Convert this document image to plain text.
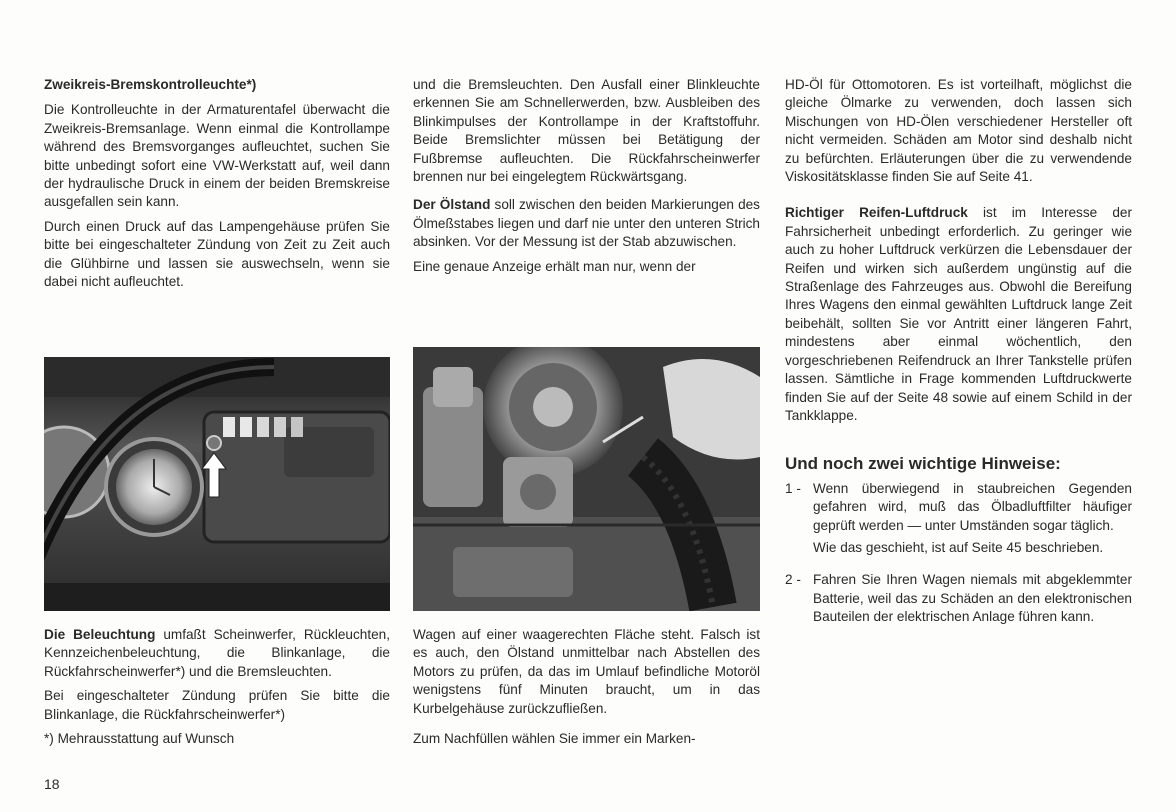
Zweikreis-Bremskontrolleuchte*)

Die Kontrolleuchte in der Armaturentafel überwacht die Zweikreis-Bremsanlage. Wenn einmal die Kontrollampe während des Bremsvorganges aufleuchtet, suchen Sie bitte unbedingt sofort eine VW-Werkstatt auf, weil dann der hydraulische Druck in einem der beiden Bremskreise ausgefallen sein kann.

Durch einen Druck auf das Lampengehäuse prüfen Sie bitte bei eingeschalteter Zündung von Zeit zu Zeit auch die Glühbirne und lassen sie auswechseln, wenn sie dabei nicht aufleuchtet.

Die Beleuchtung umfaßt Scheinwerfer, Rückleuchten, Kennzeichenbeleuchtung, die Blinkanlage, die Rückfahrscheinwerfer*) und die Bremsleuchten.

Bei eingeschalteter Zündung prüfen Sie bitte die Blinkanlage, die Rückfahrscheinwerfer*)

*) Mehrausstattung auf Wunsch

und die Bremsleuchten. Den Ausfall einer Blinkleuchte erkennen Sie am Schnellerwerden, bzw. Ausbleiben des Blinkimpulses der Kontrollampe in der Kraftstoffuhr. Beide Bremslichter müssen bei Betätigung der Fußbremse aufleuchten. Die Rückfahrscheinwerfer brennen nur bei eingelegtem Rückwärtsgang.

Der Ölstand soll zwischen den beiden Markierungen des Ölmeßstabes liegen und darf nie unter den unteren Strich absinken. Vor der Messung ist der Stab abzuwischen.

Eine genaue Anzeige erhält man nur, wenn der

Wagen auf einer waagerechten Fläche steht. Falsch ist es auch, den Ölstand unmittelbar nach Abstellen des Motors zu prüfen, da das im Umlauf befindliche Motoröl wenigstens fünf Minuten braucht, um in das Kurbelgehäuse zurückzufließen.

Zum Nachfüllen wählen Sie immer ein Marken-

HD-Öl für Ottomotoren. Es ist vorteilhaft, möglichst die gleiche Ölmarke zu verwenden, doch lassen sich Mischungen von HD-Ölen verschiedener Hersteller oft nicht vermeiden. Schäden am Motor sind deshalb nicht zu befürchten. Erläuterungen über die zu verwendende Viskositätsklasse finden Sie auf Seite 41.

Richtiger Reifen-Luftdruck ist im Interesse der Fahrsicherheit unbedingt erforderlich. Zu geringer wie auch zu hoher Luftdruck verkürzen die Lebensdauer der Reifen und wirken sich außerdem ungünstig auf die Straßenlage des Fahrzeuges aus. Obwohl die Bereifung Ihres Wagens den einmal gewählten Luftdruck lange Zeit beibehält, sollten Sie vor Antritt einer längeren Fahrt, mindestens aber einmal wöchentlich, den vorgeschriebenen Reifendruck an Ihrer Tankstelle prüfen lassen. Sämtliche in Frage kommenden Luftdruckwerte finden Sie auf der Seite 48 sowie auf einem Schild in der Tankklappe.

Und noch zwei wichtige Hinweise:
1 - Wenn überwiegend in staubreichen Gegenden gefahren wird, muß das Ölbadluftfilter häufiger geprüft werden — unter Umständen sogar täglich.

Wie das geschieht, ist auf Seite 45 beschrieben.

2 - Fahren Sie Ihren Wagen niemals mit abgeklemmter Batterie, weil das zu Schäden an den elektronischen Bauteilen der elektrischen Anlage führen kann.

18
